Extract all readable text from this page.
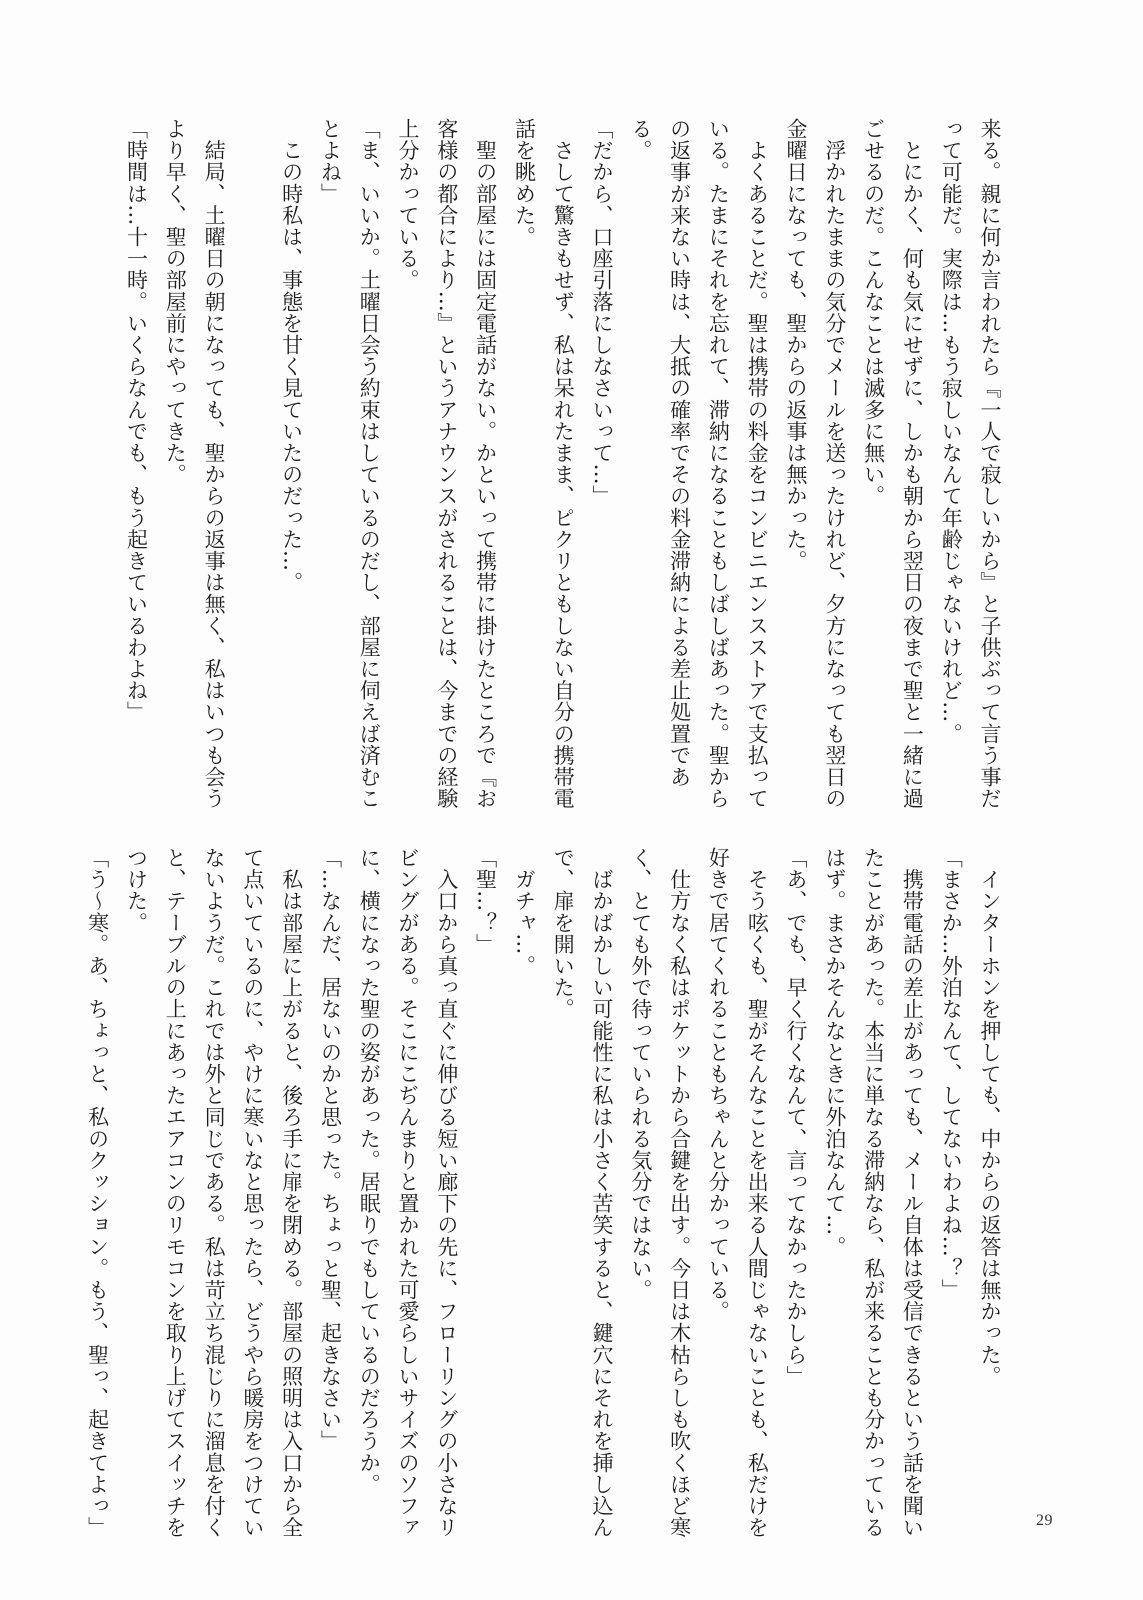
来る。親に何か言われたら『一人で寂しいから』と子供ぶって言う事だ
って可能だ。実際は…もう寂しいなんて年齢じゃないけれど…。
　とにかく、何も気にせずに、しかも朝から翌日の夜まで聖と一緒に過
ごせるのだ。こんなことは滅多に無い。
　浮かれたままの気分でメールを送ったけれど、夕方になっても翌日の
金曜日になっても、聖からの返事は無かった。
　よくあることだ。聖は携帯の料金をコンビニエンスストアで支払って
いる。たまにそれを忘れて、滞納になることもしばしばあった。聖から
の返事が来ない時は、大抵の確率でその料金滞納による差止処置であ
る。
「だから、口座引落にしなさいって…」
　さして驚きもせず、私は呆れたまま、ピクリともしない自分の携帯電
話を眺めた。
　聖の部屋には固定電話がない。かといって携帯に掛けたところで『お
客様の都合により…』というアナウンスがされることは、今までの経験
上分かっている。
「ま、いいか。土曜日会う約束はしているのだし、部屋に伺えば済むこ
とよね」
　この時私は、事態を甘く見ていたのだった…。

　結局、土曜日の朝になっても、聖からの返事は無く、私はいつも会う
より早く、聖の部屋前にやってきた。
「時間は…十一時。いくらなんでも、もう起きているわよね」
　インターホンを押しても、中からの返答は無かった。
「まさか…外泊なんて、してないわよね…？」
　携帯電話の差止があっても、メール自体は受信できるという話を聞い
たことがあった。本当に単なる滞納なら、私が来ることも分かっている
はず。まさかそんなときに外泊なんて…。
「あ、でも、早く行くなんて、言ってなかったかしら」
　そう呟くも、聖がそんなことを出来る人間じゃないことも、私だけを
好きで居てくれることもちゃんと分かっている。
　仕方なく私はポケットから合鍵を出す。今日は木枯らしも吹くほど寒
く、とても外で待っていられる気分ではない。
　ばかばかしい可能性に私は小さく苦笑すると、鍵穴にそれを挿し込ん
で、扉を開いた。
　ガチャ…。
「聖…？」
　入口から真っ直ぐに伸びる短い廊下の先に、フローリングの小さなリ
ビングがある。そこにこぢんまりと置かれた可愛らしいサイズのソファ
に、横になった聖の姿があった。居眠りでもしているのだろうか。
「…なんだ、居ないのかと思った。ちょっと聖、起きなさい」
　私は部屋に上がると、後ろ手に扉を閉める。部屋の照明は入口から全
て点いているのに、やけに寒いなと思ったら、どうやら暖房をつけてい
ないようだ。これでは外と同じである。私は苛立ち混じりに溜息を付く
と、テーブルの上にあったエアコンのリモコンを取り上げてスイッチを
つけた。
「う～寒。あ、ちょっと、私のクッション。もう、聖っ、起きてよっ」	29
